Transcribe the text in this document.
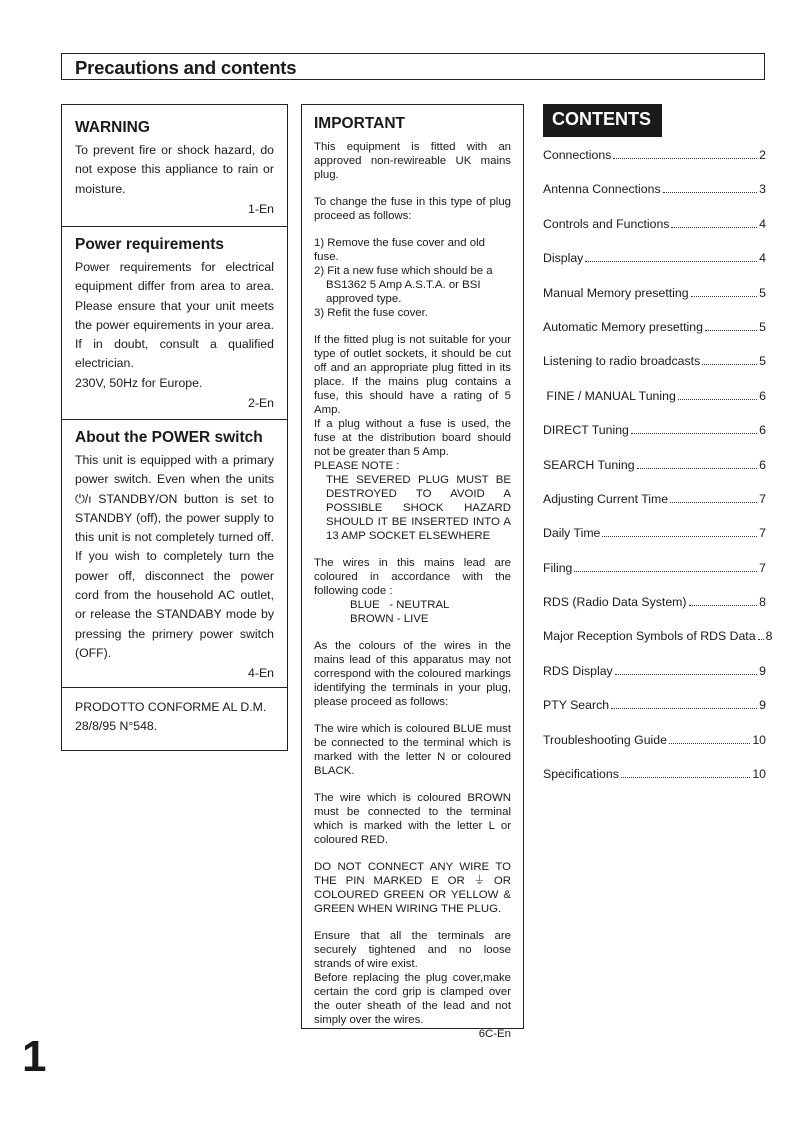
Precautions and contents
WARNING
To prevent fire or shock hazard, do not expose this appliance to rain or moisture.
1-En
Power requirements
Power requirements for electrical equipment differ from area to area. Please ensure that your unit meets the power equirements in your area. If in doubt, consult a qualified electrician.
230V, 50Hz for Europe.
2-En
About the POWER switch
This unit is equipped with a primary power switch. Even when the units ⏻/ı STANDBY/ON button is set to STANDBY (off), the power supply to this unit is not completely turned off. If you wish to completely turn the power off, disconnect the power cord from the household AC outlet, or release the STANDABY mode by pressing the primery power switch (OFF).
4-En
PRODOTTO CONFORME AL D.M.
28/8/95 N°548.
IMPORTANT

This equipment is fitted with an approved non-rewireable UK mains plug.

To change the fuse in this type of plug proceed as follows:

1) Remove the fuse cover and old fuse.
2) Fit a new fuse which should be a
BS1362 5 Amp A.S.T.A. or BSI
approved type.
3) Refit the fuse cover.

If the fitted plug is not suitable for your type of outlet sockets, it should be cut off and an appropriate plug fitted in its place. If the mains plug contains a fuse, this should have a rating of 5 Amp.

If a plug without a fuse is used, the fuse at the distribution board should not be greater than 5 Amp.

PLEASE NOTE :

THE SEVERED PLUG MUST BE DESTROYED TO AVOID A POSSIBLE SHOCK HAZARD SHOULD IT BE INSERTED INTO A 13 AMP SOCKET ELSEWHERE

The wires in this mains lead are coloured in accordance with the following code :

BLUE   - NEUTRAL
BROWN - LIVE

As the colours of the wires in the mains lead of this apparatus may not correspond with the coloured markings identifying the terminals in your plug, please proceed as follows:

The wire which is coloured BLUE must be connected to the terminal which is marked with the letter N or coloured BLACK.

The wire which is coloured BROWN must be connected to the terminal which is marked with the letter L or coloured RED.

DO NOT CONNECT ANY WIRE TO THE PIN MARKED E OR ⏚ OR COLOURED GREEN OR YELLOW & GREEN WHEN WIRING THE PLUG.

Ensure that all the terminals are securely tightened and no loose strands of wire exist.

Before replacing the plug cover,make certain the cord grip is clamped over the outer sheath of the lead and not simply over the wires.

6C-En
CONTENTS
Connections	2
Antenna Connections	3
Controls and Functions	4
Display	4
Manual Memory presetting	5
Automatic Memory presetting	5
Listening to radio broadcasts	5
FINE / MANUAL Tuning	6
DIRECT Tuning	6
SEARCH Tuning	6
Adjusting Current Time	7
Daily Time	7
Filing	7
RDS (Radio Data System)	8
Major Reception Symbols of RDS Data 8
RDS Display	9
PTY Search	9
Troubleshooting Guide	10
Specifications	10
1
